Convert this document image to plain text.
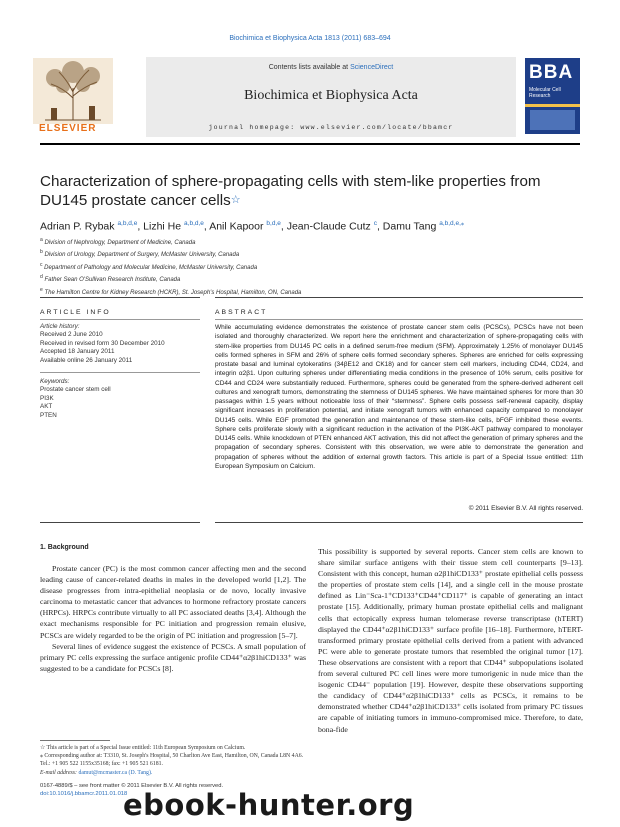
Biochimica et Biophysica Acta 1813 (2011) 683–694
ELSEVIER
Contents lists available at ScienceDirect
Biochimica et Biophysica Acta
journal homepage: www.elsevier.com/locate/bbamcr
BBA
Molecular Cell Research
Characterization of sphere-propagating cells with stem-like properties from DU145 prostate cancer cells☆
Adrian P. Rybak $^{a,b,d,e}$, Lizhi He $^{a,b,d,e}$, Anil Kapoor $^{b,d,e}$, Jean-Claude Cutz $^c$, Damu Tang $^{a,b,d,e,⁎}$
$^a$ Division of Nephrology, Department of Medicine, Canada
$^b$ Division of Urology, Department of Surgery, McMaster University, Canada
$^c$ Department of Pathology and Molecular Medicine, McMaster University, Canada
$^d$ Father Sean O'Sullivan Research Institute, Canada
$^e$ The Hamilton Centre for Kidney Research (HCKR), St. Joseph's Hospital, Hamilton, ON, Canada
ARTICLE INFO	ABSTRACT
Article history:
Received 2 June 2010
Received in revised form 30 December 2010
Accepted 18 January 2011
Available online 26 January 2011
Keywords:
Prostate cancer stem cell
PI3K
AKT
PTEN
While accumulating evidence demonstrates the existence of prostate cancer stem cells (PCSCs), PCSCs have not been isolated and thoroughly characterized. We report here the enrichment and characterization of sphere-propagating cells with stem-like properties from DU145 PC cells in a defined serum-free medium (SFM). Approximately 1.25% of monolayer DU145 cells formed spheres in SFM and 26% of sphere cells formed secondary spheres. Spheres are enriched for cells expressing prostate basal and luminal cytokeratins (34βE12 and CK18) and for cancer stem cell markers, including CD44, CD24, and integrin α2β1. Upon culturing spheres under differentiating media conditions in the presence of 10% serum, cells positive for CD44 and CD24 were substantially reduced. Furthermore, spheres could be generated from the sphere-derived adherent cell cultures and xenograft tumors, demonstrating the stemness of DU145 spheres. We have maintained spheres for more than 30 passages within 1.5 years without noticeable loss of their “stemness”. Sphere cells possess self-renewal capacity, display significant increases in proliferation potential, and initiate xenograft tumors with enhanced capacity compared to monolayer DU145 cells. While EGF promoted the generation and maintenance of these stem-like cells, bFGF inhibited these events. Sphere cells proliferate slowly with a significant reduction in the activation of the PI3K-AKT pathway compared to monolayer DU145 cells. While knockdown of PTEN enhanced AKT activation, this did not affect the generation of primary spheres and the propagation of secondary spheres. Consistent with this observation, we were able to demonstrate the generation and propagation of spheres without the addition of external growth factors. This article is part of a Special Issue entitled: 11th European Symposium on Calcium.
© 2011 Elsevier B.V. All rights reserved.
1. Background

Prostate cancer (PC) is the most common cancer affecting men and the second leading cause of cancer-related deaths in males in the developed world [1,2]. The disease progresses from intra-epithelial neoplasia or de novo, locally invasive carcinoma to metastatic cancer that advances to hormone refractory prostate cancers (HRPCs). HRPCs contribute virtually to all PC associated deaths [3,4]. Although the exact mechanisms responsible for PC initiation and progression remain elusive, PCSCs are widely regarded to be the origin of PC initiation and progression [5–7].

Several lines of evidence suggest the existence of PCSCs. A small population of primary PC cells expressing the surface antigenic profile CD44⁺α2β1hiCD133⁺ was suggested to be a candidate for PCSCs [8].

This possibility is supported by several reports. Cancer stem cells are known to share similar surface antigens with their tissue stem cell counterparts [9–13]. Consistent with this concept, human α2β1hiCD133⁺ prostate epithelial cells possess the properties of prostate stem cells [14], and a single cell in the mouse prostate defined as Lin⁻Sca-1⁺CD133⁺CD44⁺CD117⁺ is capable of generating an intact prostate [15]. Additionally, primary human prostate epithelial cells and malignant cells that ectopically express human telomerase reverse transcriptase (hTERT) displayed the CD44⁺α2β1hiCD133⁺ surface profile [16–18]. Furthermore, hTERT-transformed primary prostate epithelial cells derived from a patient with advanced PC were able to generate prostate tumors that resembled the original tumor [17]. These observations are consistent with a report that CD44⁺ subpopulations isolated from several cultured PC cell lines were more tumorigenic in nude mice than the isogenic CD44⁻ population [19]. However, despite these observations supporting the candidacy of CD44⁺α2β1hiCD133⁺ cells as PCSCs, it remains to be demonstrated whether CD44⁺α2β1hiCD133⁺ cells isolated from primary PC tissues are capable of initiating tumors in immuno-compromised mice. Therefore, to date, bona-fide

☆ This article is part of a Special Issue entitled: 11th European Symposium on Calcium.
⁎ Corresponding author at: T3310, St. Joseph's Hospital, 50 Charlton Ave East, Hamilton, ON, Canada L8N 4A6. Tel.: +1 905 522 1155x35168; fax: +1 905 521 6181.
E-mail address: damut@mcmaster.ca (D. Tang).
0167-4889/$ – see front matter © 2011 Elsevier B.V. All rights reserved.
doi:10.1016/j.bbamcr.2011.01.018
ebook-hunter.org
